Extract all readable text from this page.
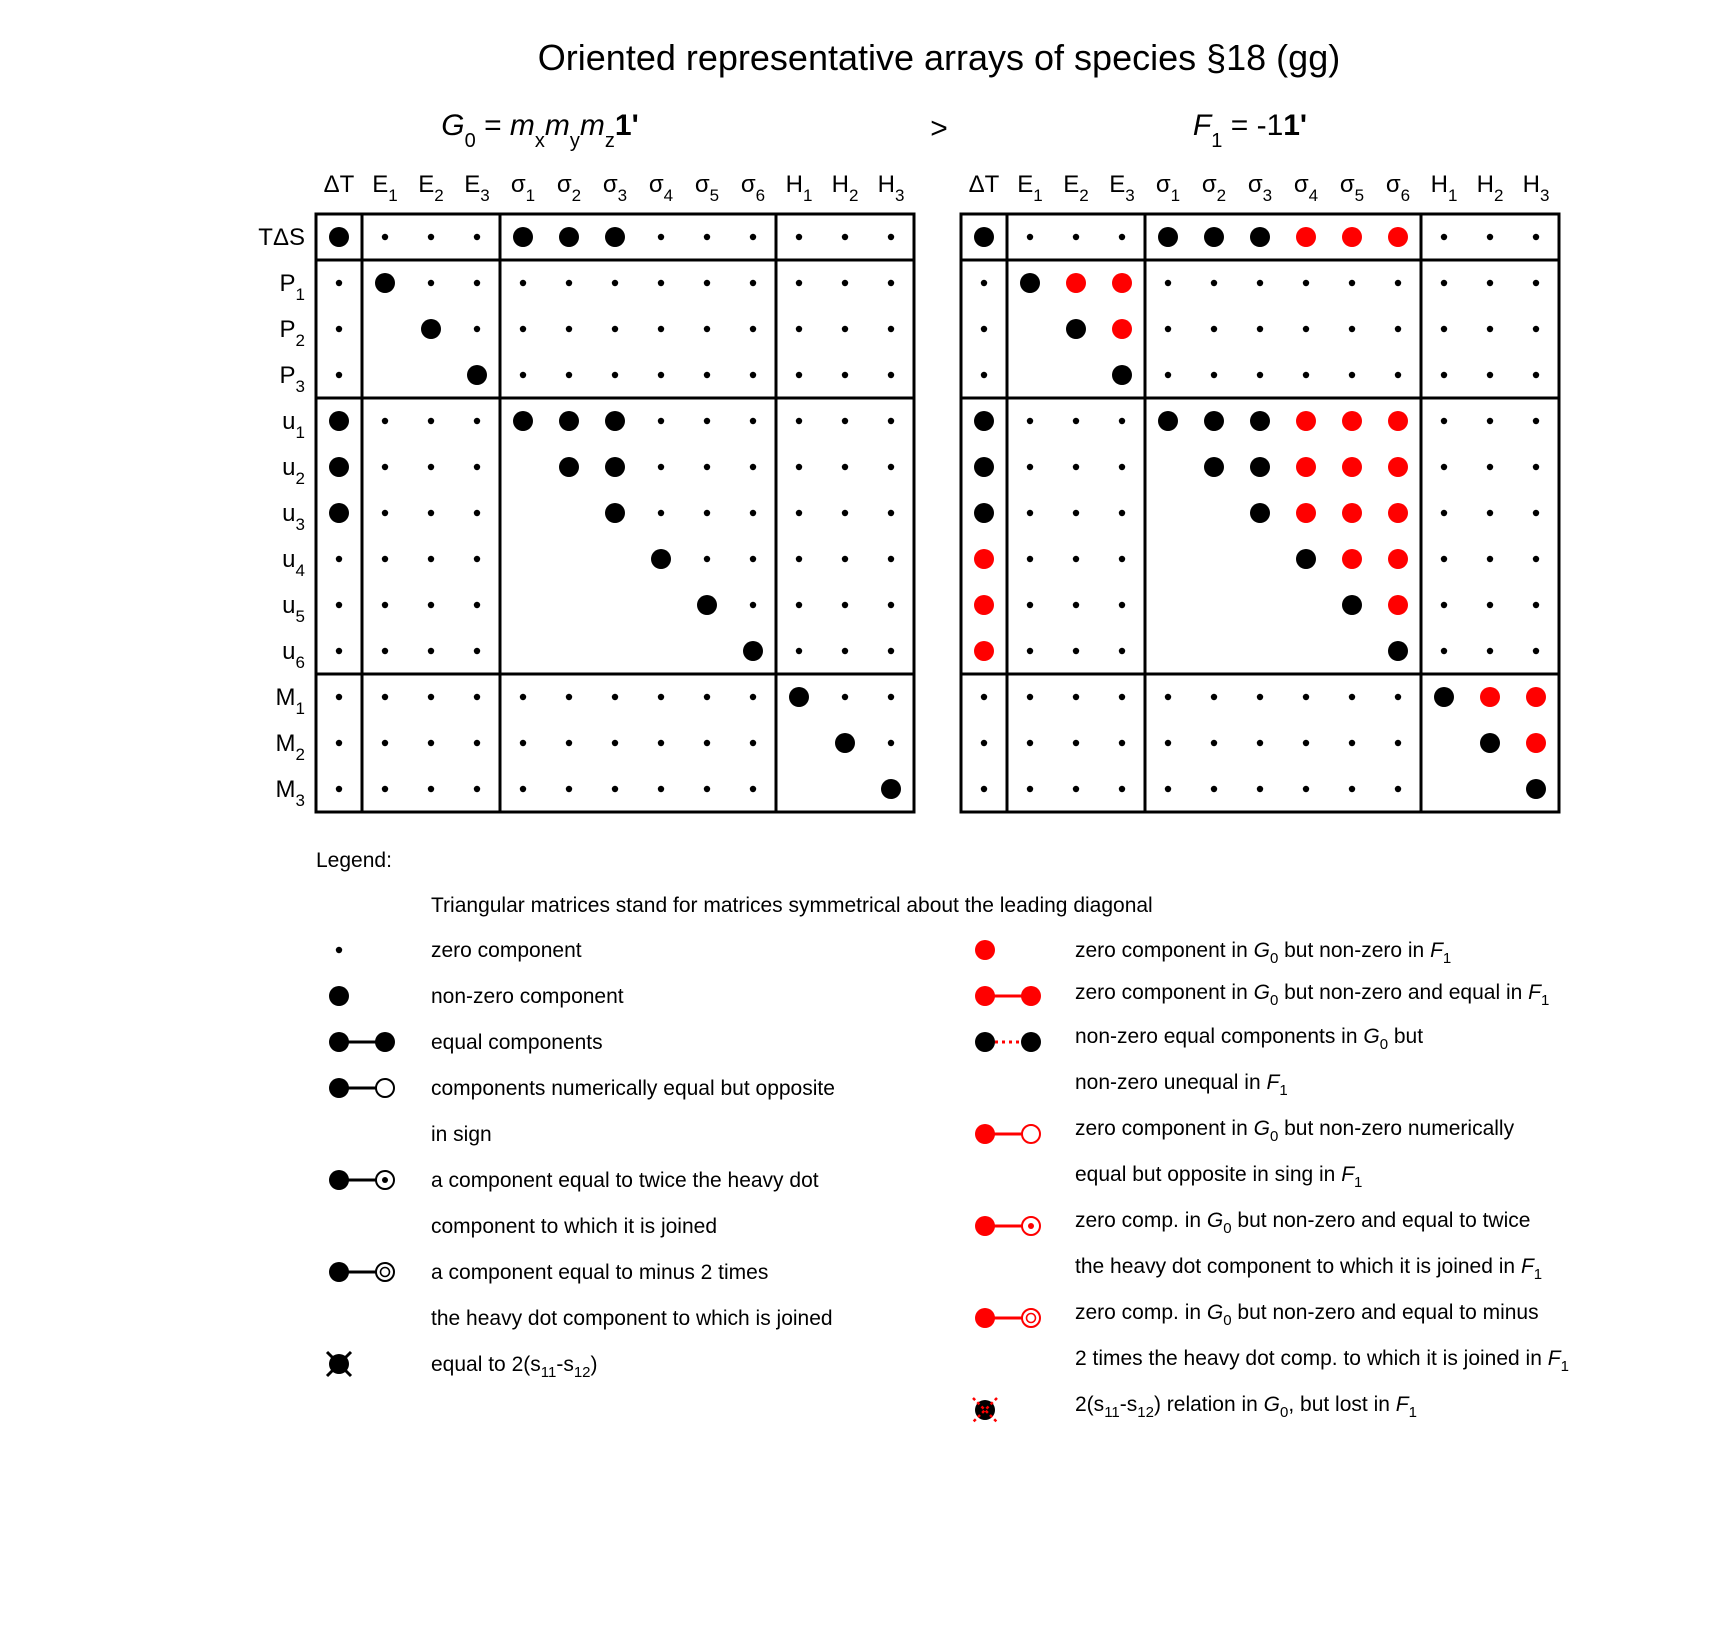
Oriented representative arrays of species §18 (gg)
$G_0 = m_xm_ym_z1'$	>	$F_1 = -11'$
ΔT $E_1$ $E_2$ $E_3$ $\sigma_1$ $\sigma_2$ $\sigma_3$ $\sigma_4$ $\sigma_5$ $\sigma_6$ $H_1$ $H_2$ $H_3$
TΔS
$P_1$
$P_2$
$P_3$
$u_1$
$u_2$
$u_3$
$u_4$
$u_5$
$u_6$
$M_1$
$M_2$
$M_3$
ΔT $E_1$ $E_2$ $E_3$ $\sigma_1$ $\sigma_2$ $\sigma_3$ $\sigma_4$ $\sigma_5$ $\sigma_6$ $H_1$ $H_2$ $H_3$
Legend:
Triangular matrices stand for matrices symmetrical about the leading diagonal
zero component
non-zero component
equal components
components numerically equal but opposite
in sign
a component equal to twice the heavy dot
component to which it is joined
a component equal to minus 2 times
the heavy dot component to which is joined
equal to $2(s_{11}-s_{12})$
zero component in $G_0$ but non-zero in $F_1$
zero component in $G_0$ but non-zero and equal in $F_1$
non-zero equal components in $G_0$ but
non-zero unequal in $F_1$
zero component in $G_0$ but non-zero numerically
equal but opposite in sing in $F_1$
zero comp. in $G_0$ but non-zero and equal to twice
the heavy dot component to which it is joined in $F_1$
zero comp. in $G_0$ but non-zero and equal to minus
2 times the heavy dot comp. to which it is joined in $F_1$
$2(s_{11}-s_{12})$ relation in $G_0$, but lost in $F_1$
